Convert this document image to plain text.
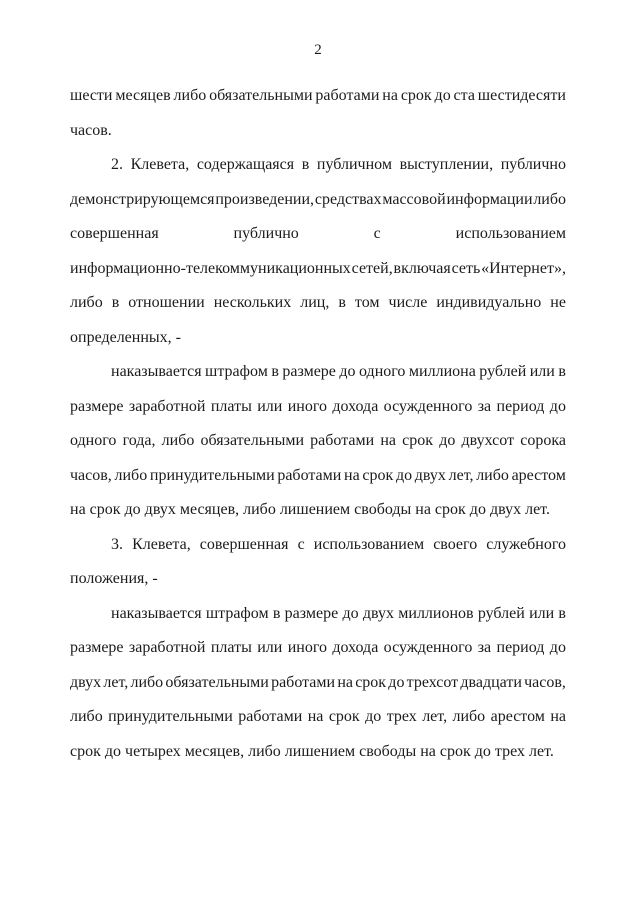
2
шести месяцев либо обязательными работами на срок до ста шестидесяти
часов.
2. Клевета, содержащаяся в публичном выступлении, публично
демонстрирующемся произведении, средствах массовой информации либо
совершенная	публично	с	использованием
информационно-телекоммуникационных сетей, включая сеть «Интернет»,
либо в отношении нескольких лиц, в том числе индивидуально не
определенных, -
наказывается штрафом в размере до одного миллиона рублей или в
размере заработной платы или иного дохода осужденного за период до
одного года, либо обязательными работами на срок до двухсот сорока
часов, либо принудительными работами на срок до двух лет, либо арестом
на срок до двух месяцев, либо лишением свободы на срок до двух лет.
3. Клевета, совершенная с использованием своего служебного
положения, -
наказывается штрафом в размере до двух миллионов рублей или в
размере заработной платы или иного дохода осужденного за период до
двух лет, либо обязательными работами на срок до трехсот двадцати часов,
либо принудительными работами на срок до трех лет, либо арестом на
срок до четырех месяцев, либо лишением свободы на срок до трех лет.
